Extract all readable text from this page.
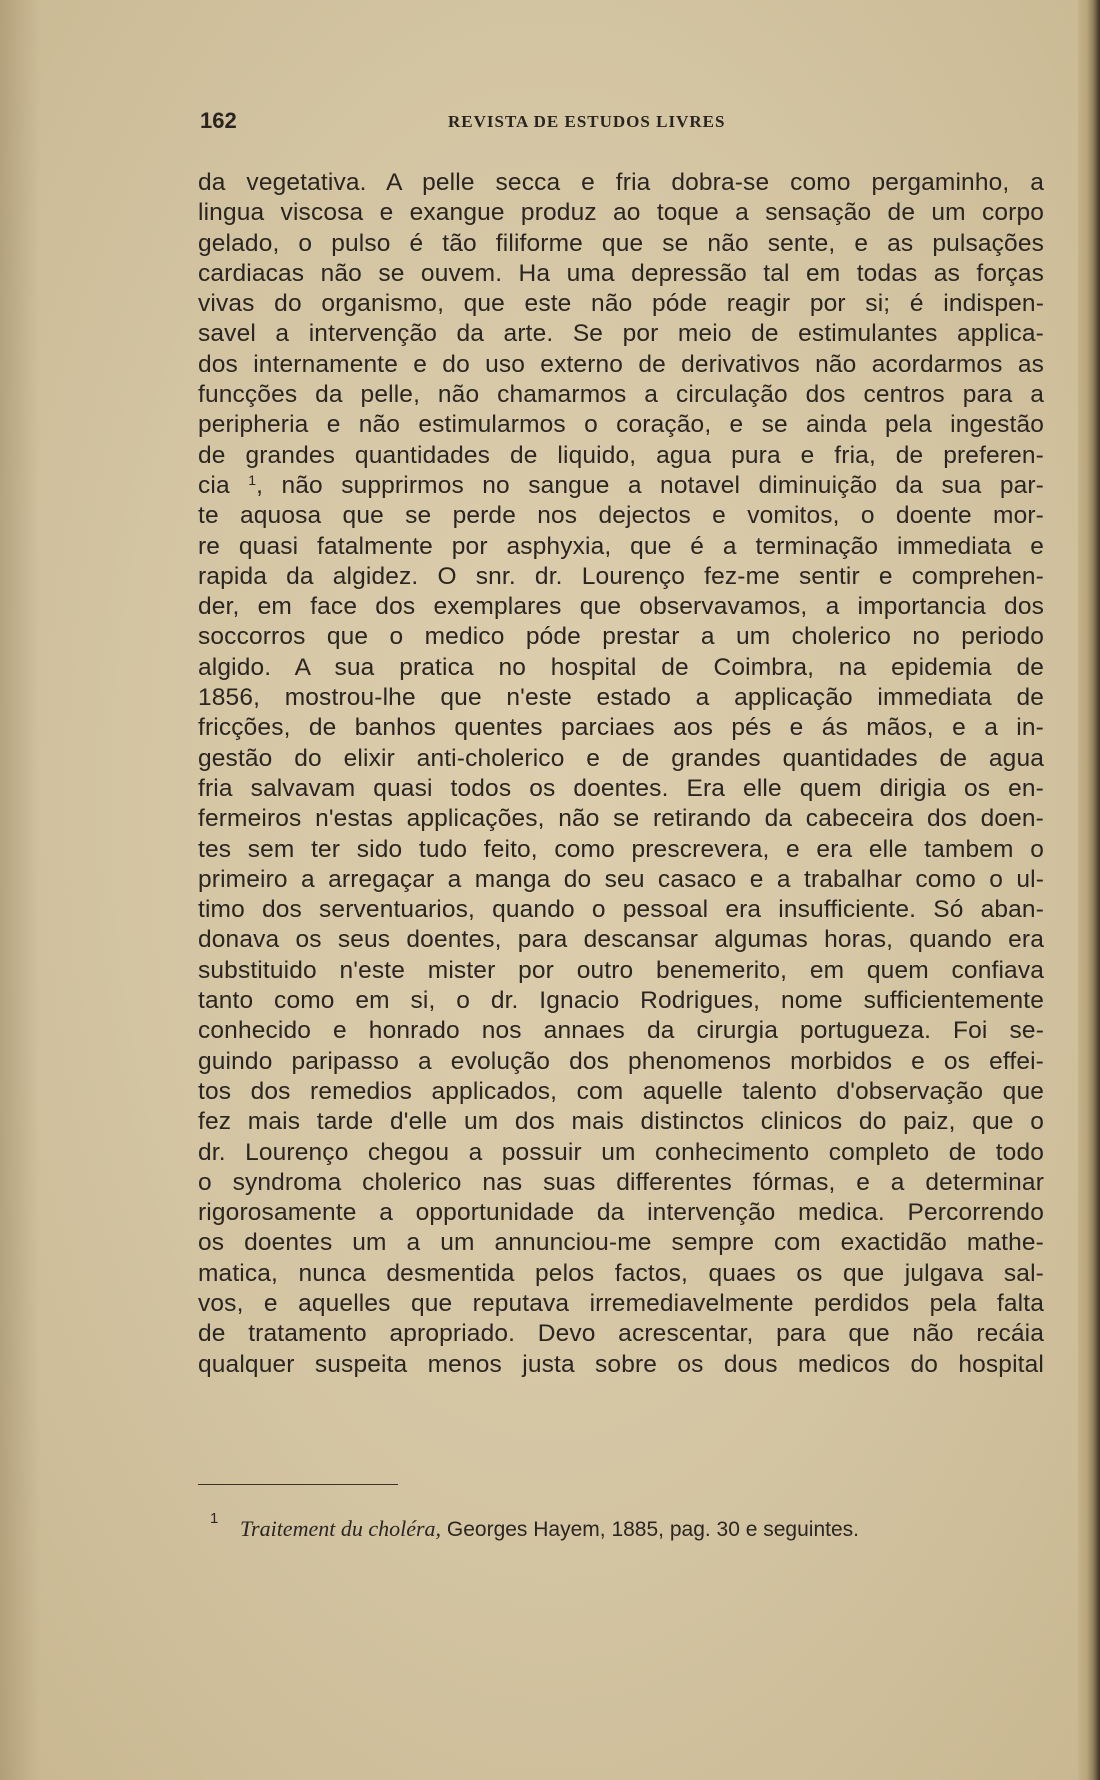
162	REVISTA DE ESTUDOS LIVRES
da vegetativa. A pelle secca e fria dobra-se como pergaminho, a
lingua viscosa e exangue produz ao toque a sensação de um corpo
gelado, o pulso é tão filiforme que se não sente, e as pulsações
cardiacas não se ouvem. Ha uma depressão tal em todas as forças
vivas do organismo, que este não póde reagir por si; é indispen-
savel a intervenção da arte. Se por meio de estimulantes applica-
dos internamente e do uso externo de derivativos não acordarmos as
funcções da pelle, não chamarmos a circulação dos centros para a
peripheria e não estimularmos o coração, e se ainda pela ingestão
de grandes quantidades de liquido, agua pura e fria, de preferen-
cia $^1$, não supprirmos no sangue a notavel diminuição da sua par-
te aquosa que se perde nos dejectos e vomitos, o doente mor-
re quasi fatalmente por asphyxia, que é a terminação immediata e
rapida da algidez. O snr. dr. Lourenço fez-me sentir e comprehen-
der, em face dos exemplares que observavamos, a importancia dos
soccorros que o medico póde prestar a um cholerico no periodo
algido. A sua pratica no hospital de Coimbra, na epidemia de
1856, mostrou-lhe que n'este estado a applicação immediata de
fricções, de banhos quentes parciaes aos pés e ás mãos, e a in-
gestão do elixir anti-cholerico e de grandes quantidades de agua
fria salvavam quasi todos os doentes. Era elle quem dirigia os en-
fermeiros n'estas applicações, não se retirando da cabeceira dos doen-
tes sem ter sido tudo feito, como prescrevera, e era elle tambem o
primeiro a arregaçar a manga do seu casaco e a trabalhar como o ul-
timo dos serventuarios, quando o pessoal era insufficiente. Só aban-
donava os seus doentes, para descansar algumas horas, quando era
substituido n'este mister por outro benemerito, em quem confiava
tanto como em si, o dr. Ignacio Rodrigues, nome sufficientemente
conhecido e honrado nos annaes da cirurgia portugueza. Foi se-
guindo paripasso a evolução dos phenomenos morbidos e os effei-
tos dos remedios applicados, com aquelle talento d'observação que
fez mais tarde d'elle um dos mais distinctos clinicos do paiz, que o
dr. Lourenço chegou a possuir um conhecimento completo de todo
o syndroma cholerico nas suas differentes fórmas, e a determinar
rigorosamente a opportunidade da intervenção medica. Percorrendo
os doentes um a um annunciou-me sempre com exactidão mathe-
matica, nunca desmentida pelos factos, quaes os que julgava sal-
vos, e aquelles que reputava irremediavelmente perdidos pela falta
de tratamento apropriado. Devo acrescentar, para que não recáia
qualquer suspeita menos justa sobre os dous medicos do hospital
1 Traitement du choléra, Georges Hayem, 1885, pag. 30 e seguintes.
